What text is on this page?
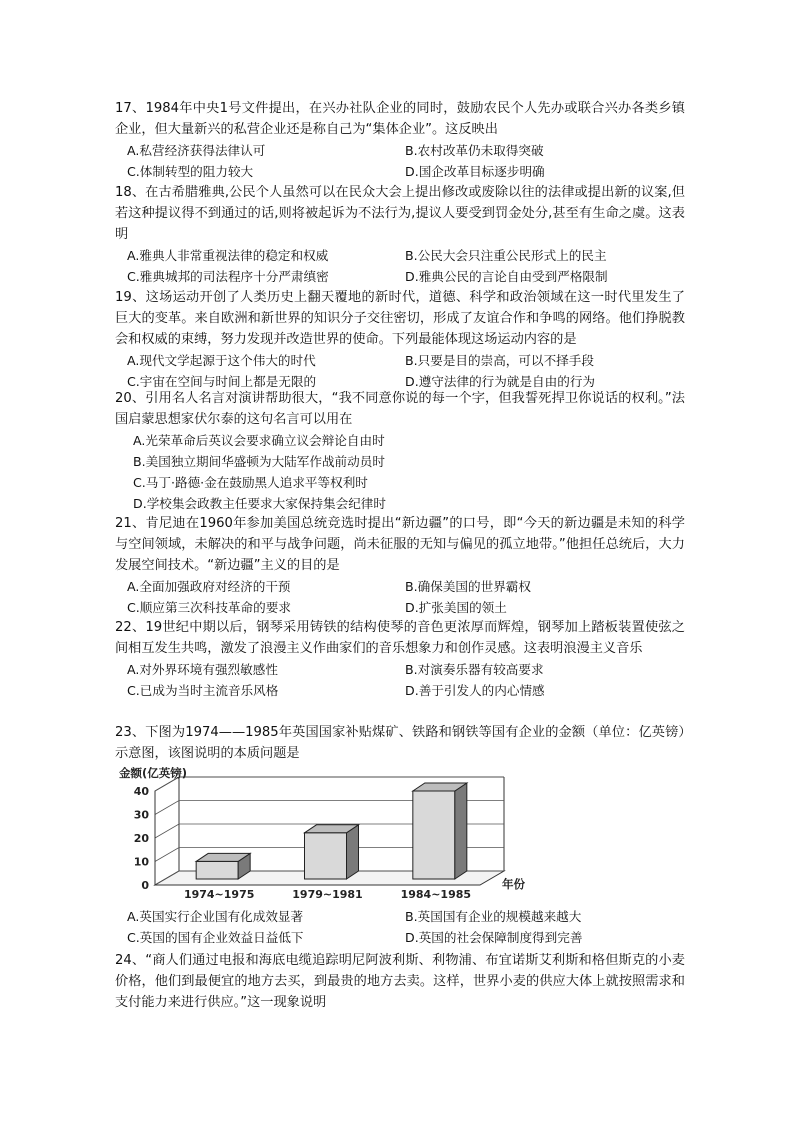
17、1984年中央1号文件提出，在兴办社队企业的同时，鼓励农民个人先办或联合兴办各类乡镇企业，但大量新兴的私营企业还是称自己为“集体企业”。这反映出
A.私营经济获得法律认可	B.农村改革仍未取得突破
C.体制转型的阻力较大	D.国企改革目标逐步明确
18、在古希腊雅典,公民个人虽然可以在民众大会上提出修改或废除以往的法律或提出新的议案,但若这种提议得不到通过的话,则将被起诉为不法行为,提议人要受到罚金处分,甚至有生命之虞。这表明
A.雅典人非常重视法律的稳定和权威	B.公民大会只注重公民形式上的民主
C.雅典城邦的司法程序十分严肃缜密	D.雅典公民的言论自由受到严格限制
19、这场运动开创了人类历史上翻天覆地的新时代，道德、科学和政治领域在这一时代里发生了巨大的变革。来自欧洲和新世界的知识分子交往密切，形成了友谊合作和争鸣的网络。他们挣脱教会和权威的束缚，努力发现并改造世界的使命。下列最能体现这场运动内容的是
A.现代文学起源于这个伟大的时代	B.只要是目的崇高，可以不择手段
C.宇宙在空间与时间上都是无限的	D.遵守法律的行为就是自由的行为
20、引用名人名言对演讲帮助很大，“我不同意你说的每一个字，但我誓死捍卫你说话的权利。”法国启蒙思想家伏尔泰的这句名言可以用在
A.光荣革命后英议会要求确立议会辩论自由时
B.美国独立期间华盛顿为大陆军作战前动员时
C.马丁·路德·金在鼓励黑人追求平等权利时
D.学校集会政教主任要求大家保持集会纪律时
21、肯尼迪在1960年参加美国总统竞选时提出“新边疆”的口号，即“今天的新边疆是未知的科学与空间领域，未解决的和平与战争问题，尚未征服的无知与偏见的孤立地带。”他担任总统后，大力发展空间技术。“新边疆”主义的目的是
A.全面加强政府对经济的干预	B.确保美国的世界霸权
C.顺应第三次科技革命的要求	D.扩张美国的领土
22、19世纪中期以后，钢琴采用铸铁的结构使琴的音色更浓厚而辉煌，钢琴加上踏板装置使弦之间相互发生共鸣，激发了浪漫主义作曲家们的音乐想象力和创作灵感。这表明浪漫主义音乐
A.对外界环境有强烈敏感性	B.对演奏乐器有较高要求
C.已成为当时主流音乐风格	D.善于引发人的内心情感
23、下图为1974——1985年英国国家补贴煤矿、铁路和钢铁等国有企业的金额（单位：亿英镑）示意图，该图说明的本质问题是
0
10
20
30
40
金额(亿英镑)
年份
1974~1975	1979~1981	1984~1985
A.英国实行企业国有化成效显著	B.英国国有企业的规模越来越大
C.英国的国有企业效益日益低下	D.英国的社会保障制度得到完善
24、“商人们通过电报和海底电缆追踪明尼阿波利斯、利物浦、布宜诺斯艾利斯和格但斯克的小麦价格，他们到最便宜的地方去买，到最贵的地方去卖。这样，世界小麦的供应大体上就按照需求和支付能力来进行供应。”这一现象说明
